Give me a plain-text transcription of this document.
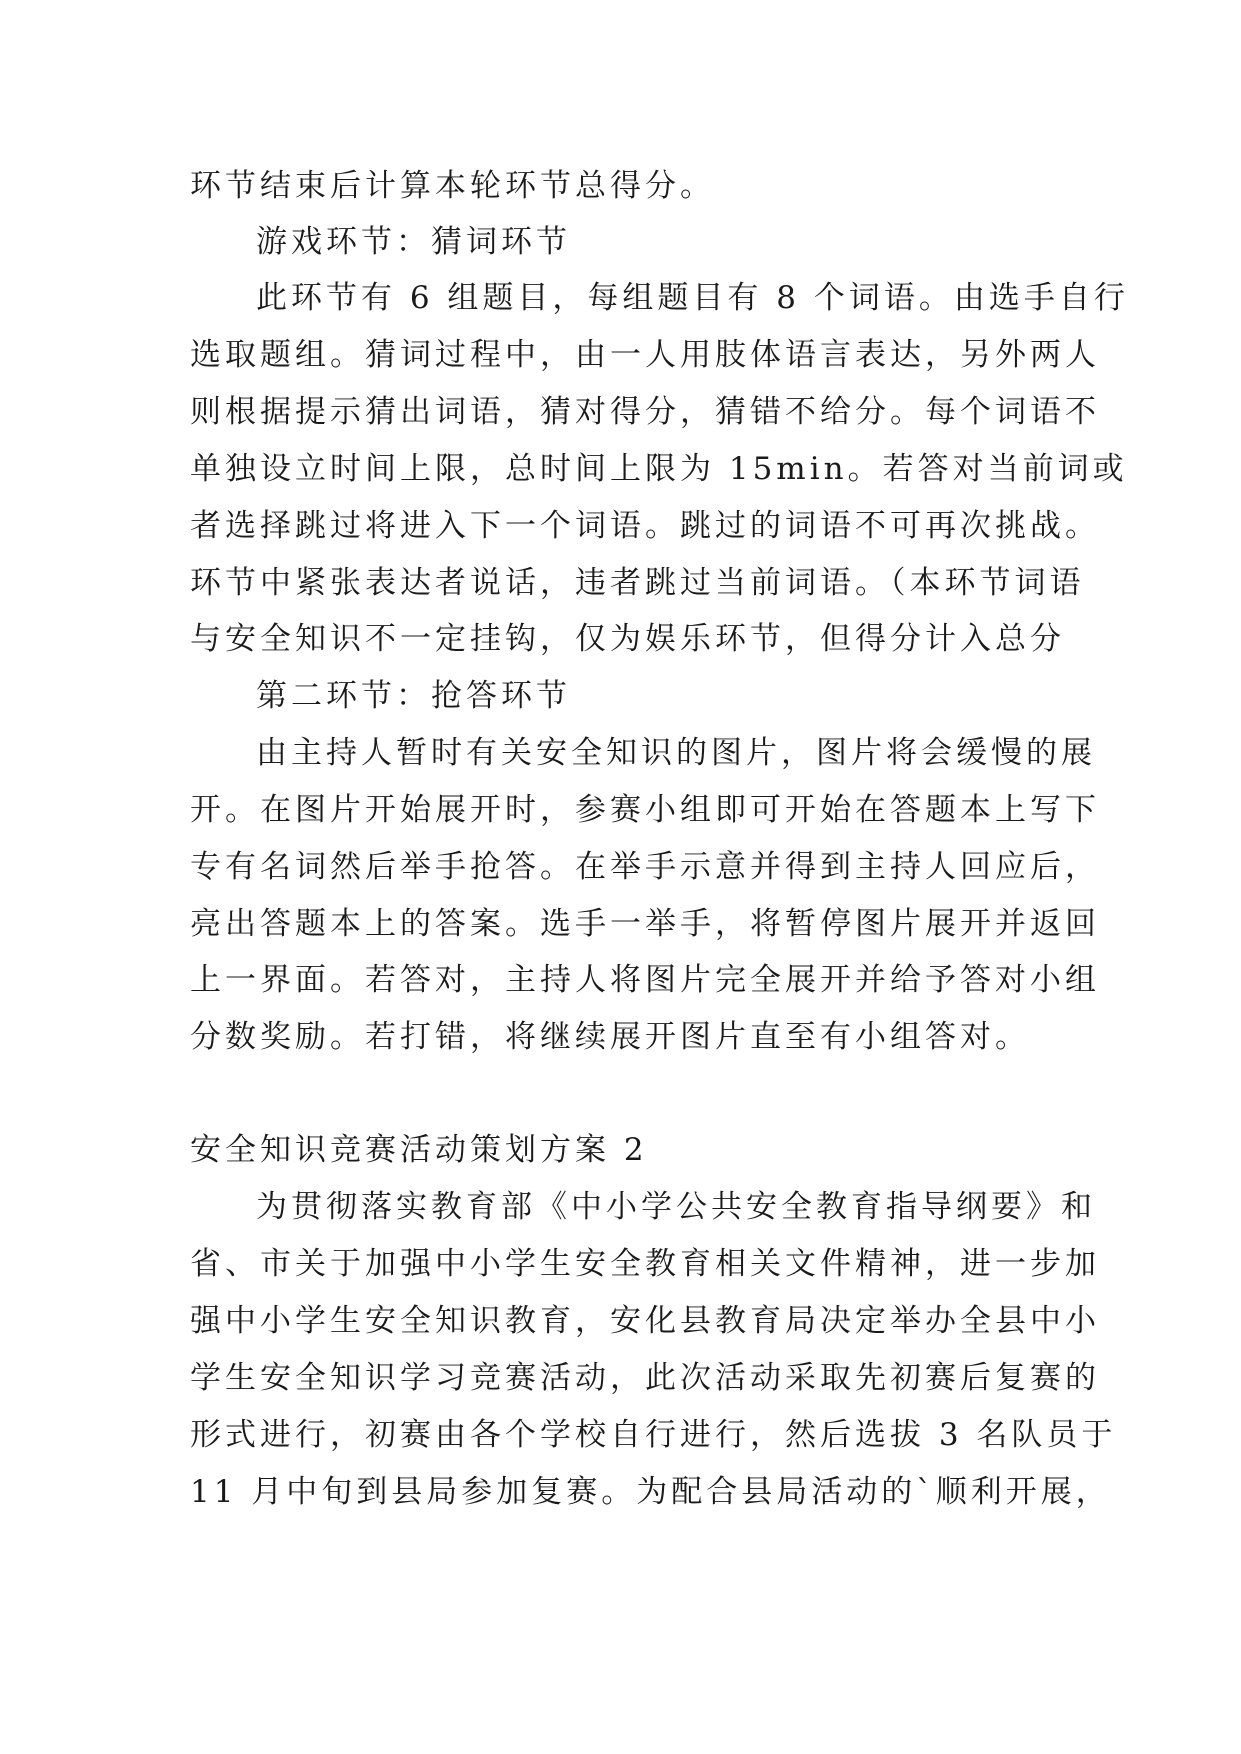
环节结束后计算本轮环节总得分。
游戏环节：猜词环节
此环节有 6 组题目，每组题目有 8 个词语。由选手自行
选取题组。猜词过程中，由一人用肢体语言表达，另外两人
则根据提示猜出词语，猜对得分，猜错不给分。每个词语不
单独设立时间上限，总时间上限为 15min。若答对当前词或
者选择跳过将进入下一个词语。跳过的词语不可再次挑战。
环节中紧张表达者说话，违者跳过当前词语。（本环节词语
与安全知识不一定挂钩，仅为娱乐环节，但得分计入总分
第二环节：抢答环节
由主持人暂时有关安全知识的图片，图片将会缓慢的展
开。在图片开始展开时，参赛小组即可开始在答题本上写下
专有名词然后举手抢答。在举手示意并得到主持人回应后，
亮出答题本上的答案。选手一举手，将暂停图片展开并返回
上一界面。若答对，主持人将图片完全展开并给予答对小组
分数奖励。若打错，将继续展开图片直至有小组答对。
安全知识竞赛活动策划方案 2
为贯彻落实教育部《中小学公共安全教育指导纲要》和
省、市关于加强中小学生安全教育相关文件精神，进一步加
强中小学生安全知识教育，安化县教育局决定举办全县中小
学生安全知识学习竞赛活动，此次活动采取先初赛后复赛的
形式进行，初赛由各个学校自行进行，然后选拔 3 名队员于
11 月中旬到县局参加复赛。为配合县局活动的`顺利开展，
